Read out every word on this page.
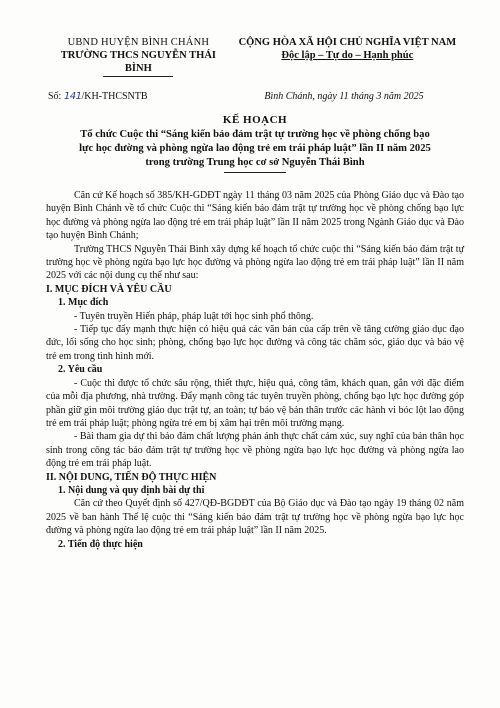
UBND HUYỆN BÌNH CHÁNH
TRƯỜNG THCS NGUYỄN THÁI BÌNH
CỘNG HÒA XÃ HỘI CHỦ NGHĨA VIỆT NAM
Độc lập – Tự do – Hạnh phúc
Số: 141/KH-THCSNTB	Bình Chánh, ngày 11 tháng 3 năm 2025
KẾ HOẠCH
Tổ chức Cuộc thi “Sáng kiến bảo đảm trật tự trường học về phòng chống bạo
lực học đường và phòng ngừa lao động trẻ em trái pháp luật” lần II năm 2025
trong trường Trung học cơ sở Nguyễn Thái Bình

Căn cứ Kế hoạch số 385/KH-GDĐT ngày 11 tháng 03 năm 2025 của Phòng Giáo dục và Đào tạo huyện Bình Chánh về tổ chức Cuộc thi “Sáng kiến bảo đảm trật tự trường học về phòng chống bạo lực học đường và phòng ngừa lao động trẻ em trái pháp luật” lần II năm 2025 trong Ngành Giáo dục và Đào tạo huyện Bình Chánh;

Trường THCS Nguyễn Thái Bình xây dựng kế hoạch tổ chức cuộc thi “Sáng kiến bảo đảm trật tự trường học về phòng ngừa bạo lực học đường và phòng ngừa lao động trẻ em trái pháp luật” lần II năm 2025 với các nội dung cụ thể như sau:

I. MỤC ĐÍCH VÀ YÊU CẦU

1. Mục đích

- Tuyên truyền Hiến pháp, pháp luật tới học sinh phổ thông.

- Tiếp tục đẩy mạnh thực hiện có hiệu quả các văn bản của cấp trên về tăng cường giáo dục đạo đức, lối sống cho học sinh; phòng, chống bạo lực học đường và công tác chăm sóc, giáo dục và bảo vệ trẻ em trong tình hình mới.

2. Yêu cầu

- Cuộc thi được tổ chức sâu rộng, thiết thực, hiệu quả, công tâm, khách quan, gắn với đặc điểm của mỗi địa phương, nhà trường. Đẩy mạnh công tác tuyên truyền phòng, chống bạo lực học đường góp phần giữ gìn môi trường giáo dục trật tự, an toàn; tự bảo vệ bản thân trước các hành vi bóc lột lao động trẻ em trái pháp luật; phòng ngừa trẻ em bị xâm hại trên môi trường mạng.

- Bài tham gia dự thi bảo đảm chất lượng phản ánh thực chất cảm xúc, suy nghĩ của bản thân học sinh trong công tác bảo đảm trật tự trường học về phòng ngừa bạo lực học đường và phòng ngừa lao động trẻ em trái pháp luật.

II. NỘI DUNG, TIẾN ĐỘ THỰC HIỆN

1. Nội dung và quy định bài dự thi

Căn cứ theo Quyết định số 427/QĐ-BGDĐT của Bộ Giáo dục và Đào tạo ngày 19 tháng 02 năm 2025 về ban hành Thể lệ cuộc thi “Sáng kiến bảo đảm trật tự trường học về phòng ngừa bạo lực học đường và phòng ngừa lao động trẻ em trái pháp luật” lần II năm 2025.

2. Tiến độ thực hiện
